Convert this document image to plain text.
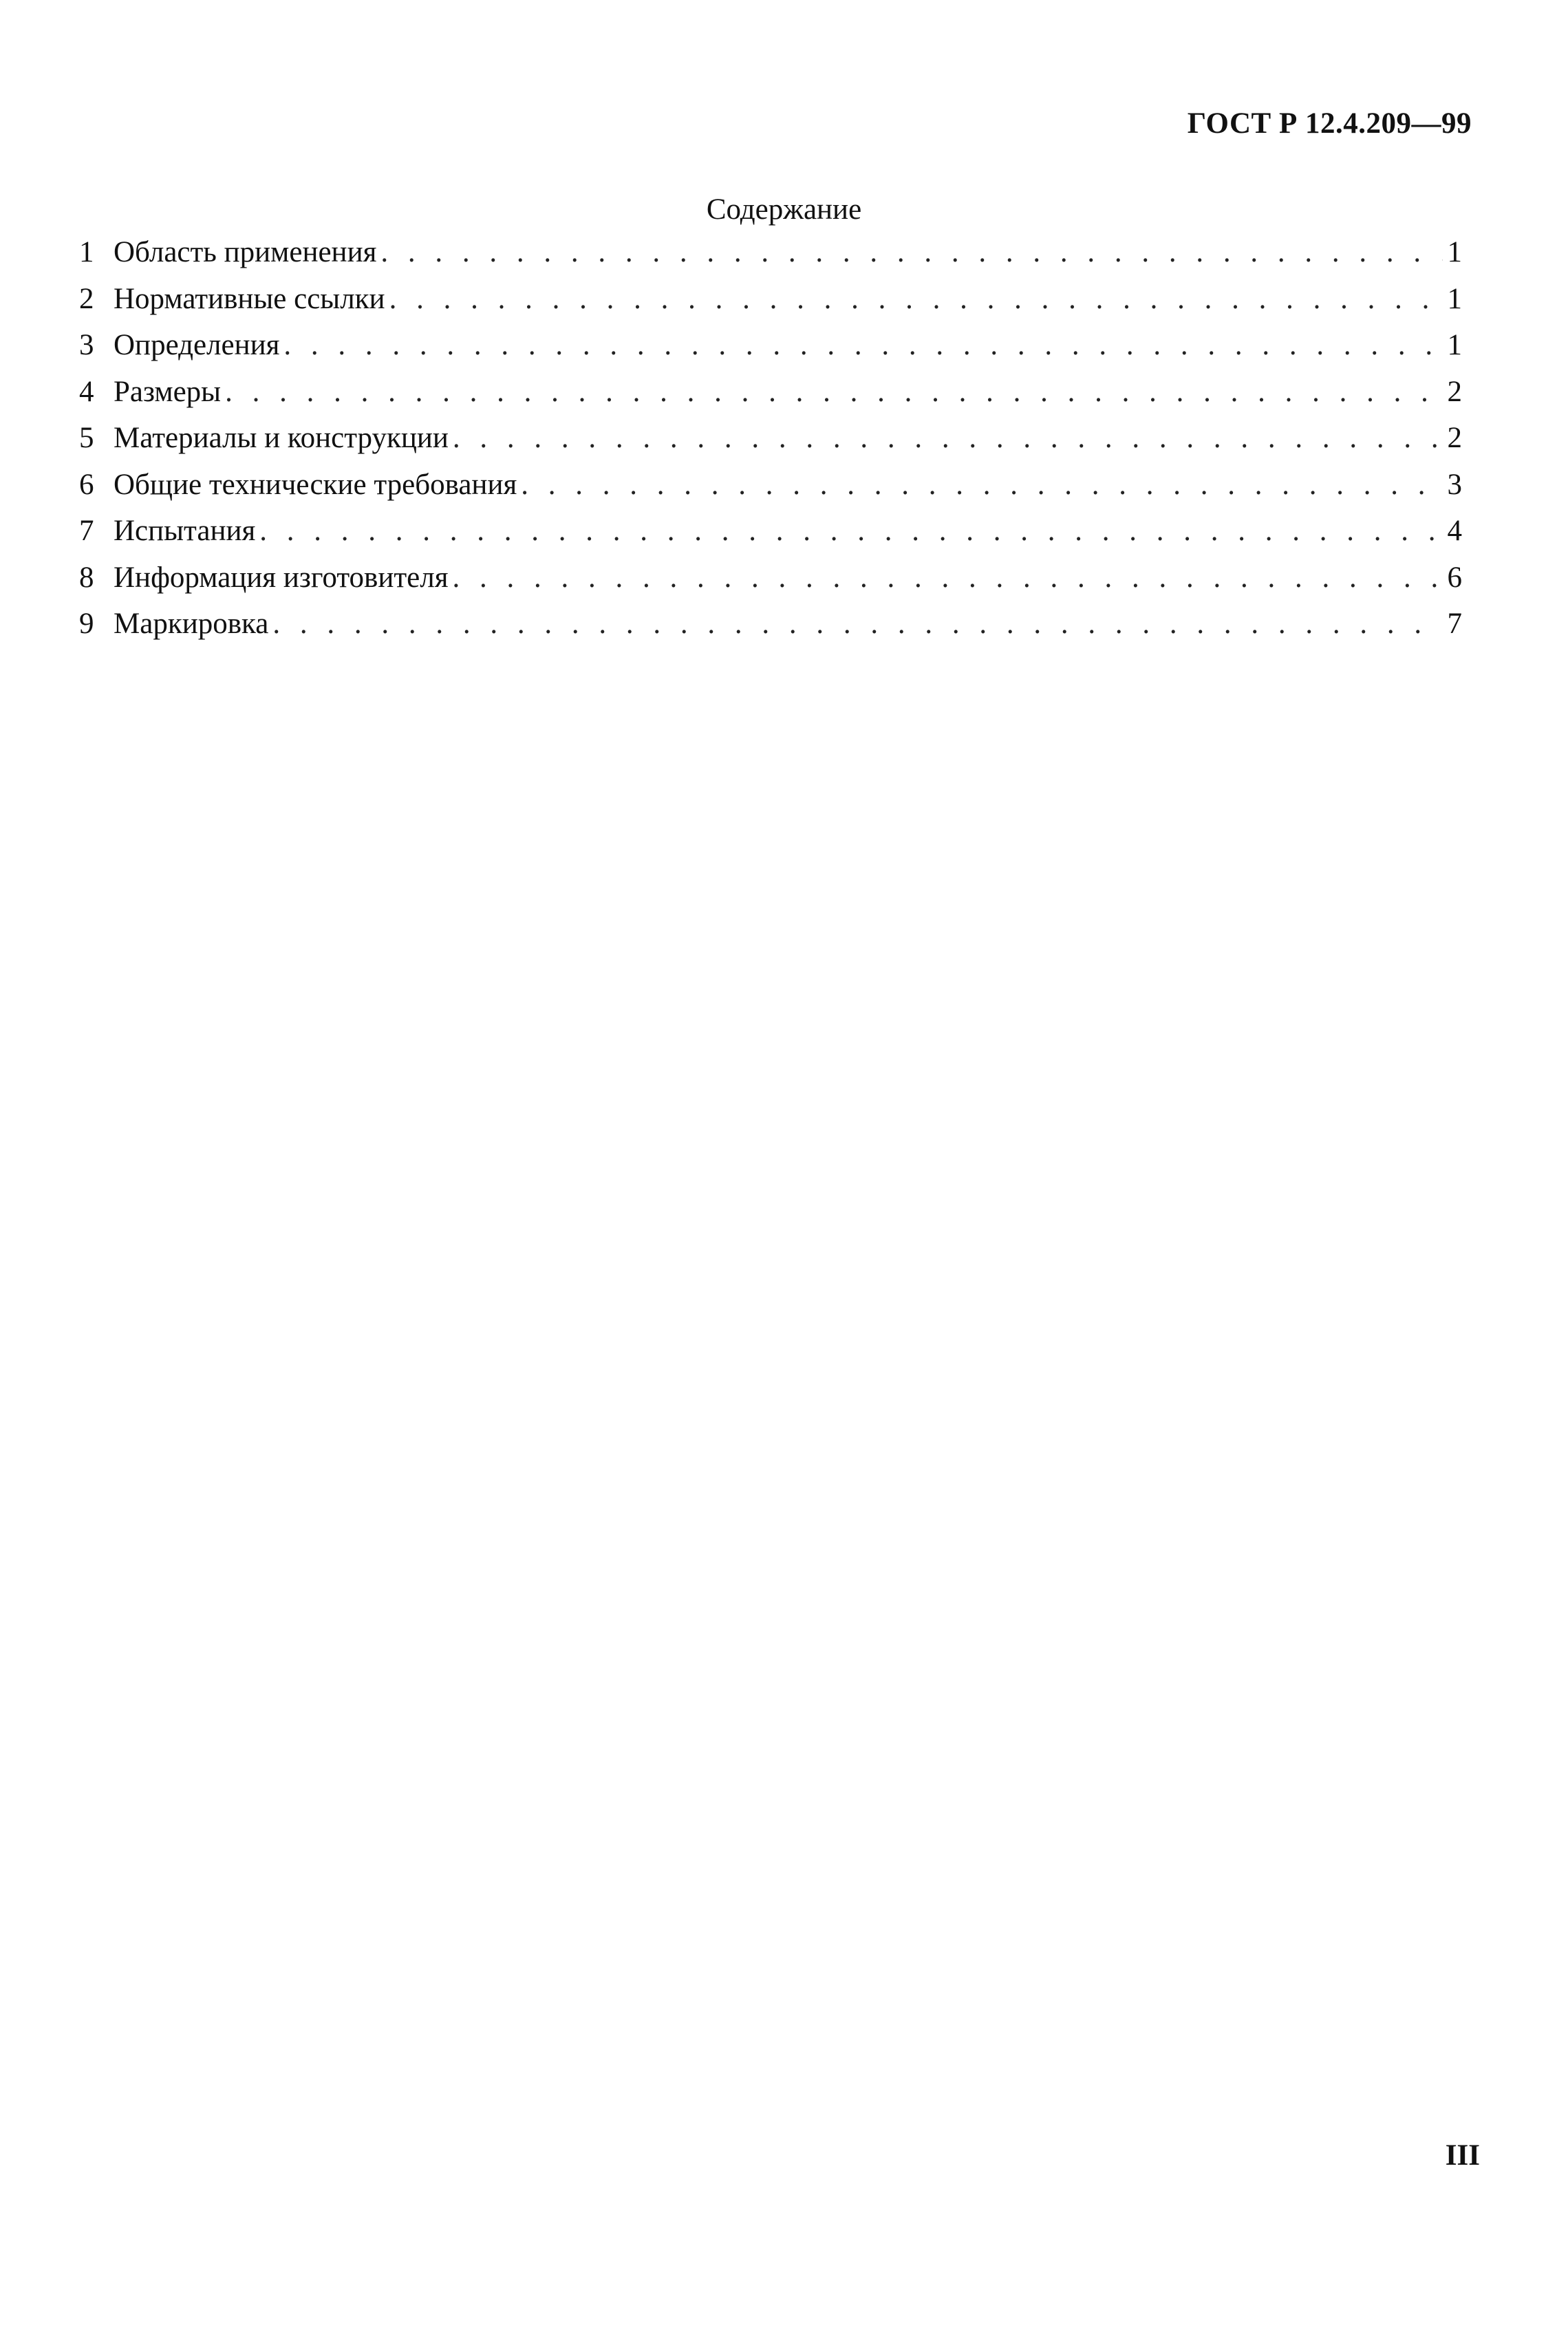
ГОСТ Р 12.4.209—99
Содержание
1 Область применения . . .	1
2 Нормативные ссылки . . .	1
3 Определения . . .	1
4 Размеры . . .	2
5 Материалы и конструкции . . .	2
6 Общие технические требования . . .	3
7 Испытания . . .	4
8 Информация изготовителя . . .	6
9 Маркировка . . .	7
III
